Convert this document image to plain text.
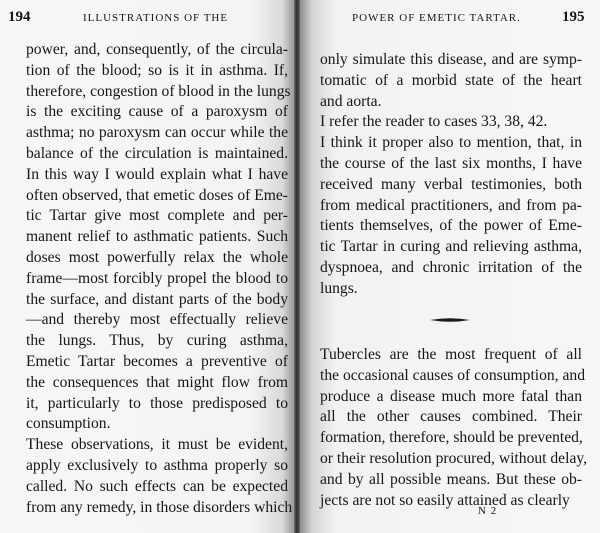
194	ILLUSTRATIONS OF THE
power, and, consequently, of the circula-
tion of the blood; so is it in asthma. If,
therefore, congestion of blood in the lungs
is the exciting cause of a paroxysm of
asthma; no paroxysm can occur while the
balance of the circulation is maintained.
In this way I would explain what I have
often observed, that emetic doses of Eme-
tic Tartar give most complete and per-
manent relief to asthmatic patients. Such
doses most powerfully relax the whole
frame—most forcibly propel the blood to
the surface, and distant parts of the body
—and thereby most effectually relieve
the lungs. Thus, by curing asthma,
Emetic Tartar becomes a preventive of
the consequences that might flow from
it, particularly to those predisposed to
consumption.
These observations, it must be evident,
apply exclusively to asthma properly so
called. No such effects can be expected
from any remedy, in those disorders which
POWER OF EMETIC TARTAR.	195
only simulate this disease, and are symp-
tomatic of a morbid state of the heart
and aorta.
I refer the reader to cases 33, 38, 42.
I think it proper also to mention, that, in
the course of the last six months, I have
received many verbal testimonies, both
from medical practitioners, and from pa-
tients themselves, of the power of Eme-
tic Tartar in curing and relieving asthma,
dyspnoea, and chronic irritation of the
lungs.
Tubercles are the most frequent of all
the occasional causes of consumption, and
produce a disease much more fatal than
all the other causes combined. Their
formation, therefore, should be prevented,
or their resolution procured, without delay,
and by all possible means. But these ob-
jects are not so easily attained as clearly
N 2
